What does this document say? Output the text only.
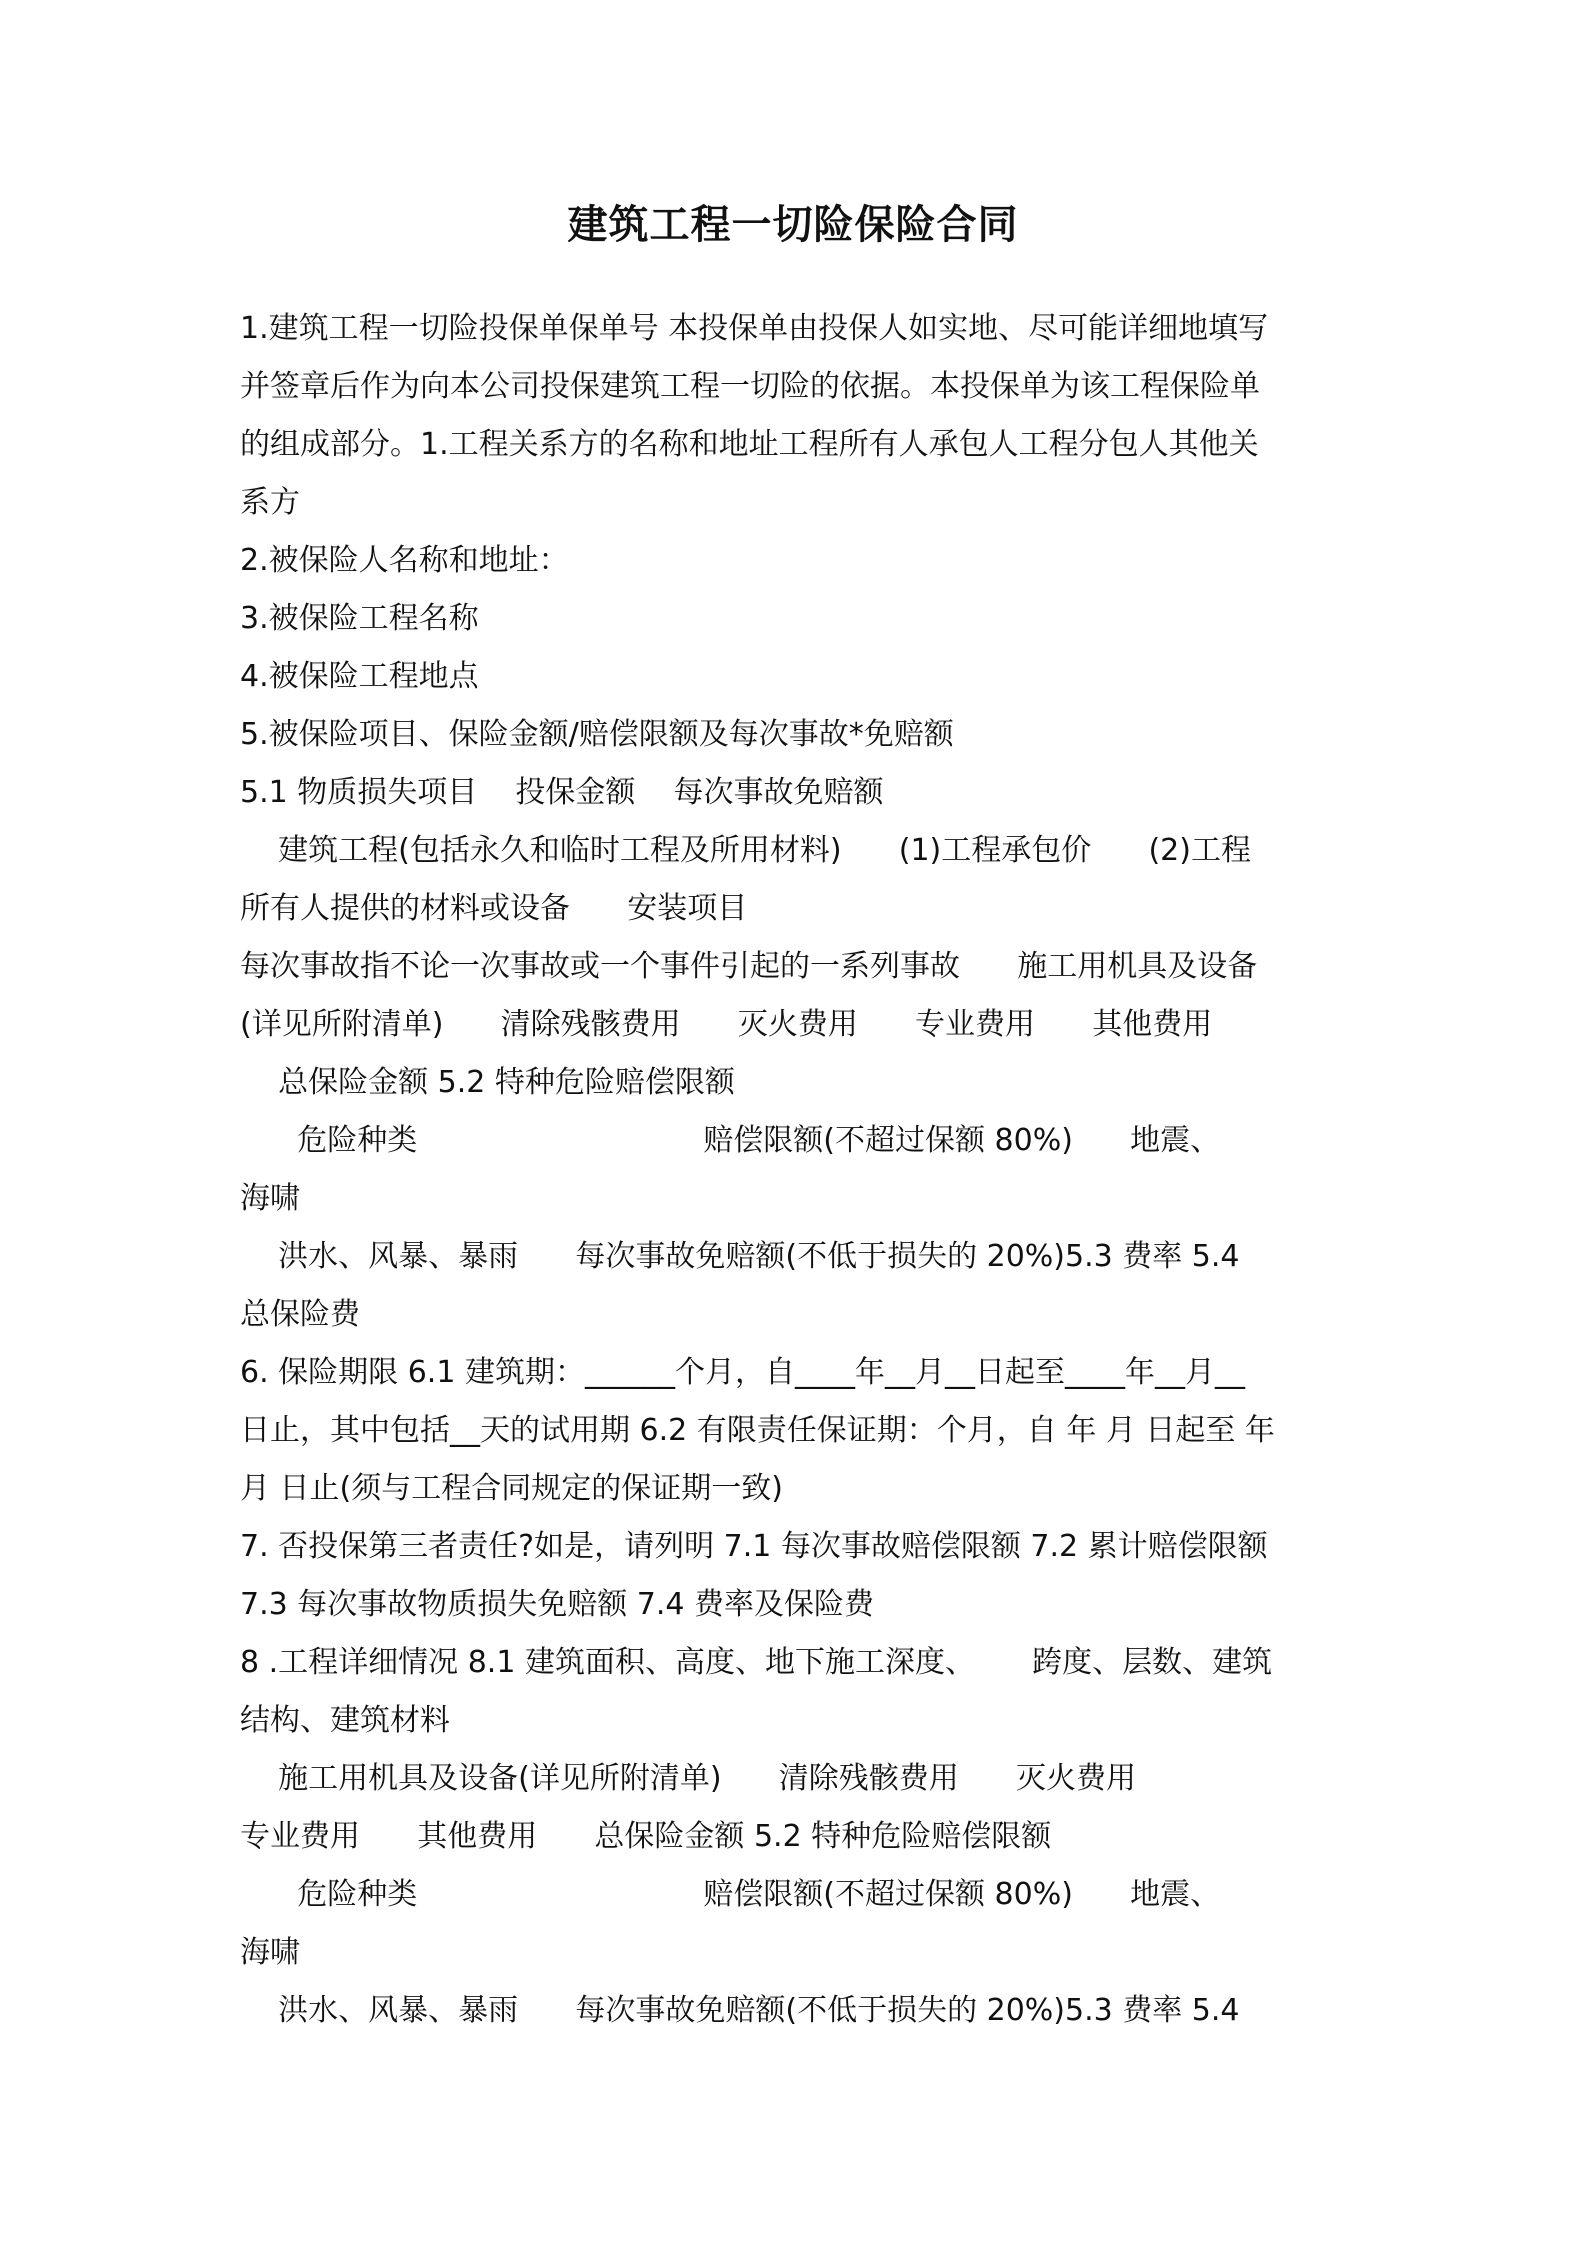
建筑工程一切险保险合同
1.建筑工程一切险投保单保单号 本投保单由投保人如实地、尽可能详细地填写
并签章后作为向本公司投保建筑工程一切险的依据。本投保单为该工程保险单
的组成部分。1.工程关系方的名称和地址工程所有人承包人工程分包人其他关
系方
2.被保险人名称和地址：
3.被保险工程名称
4.被保险工程地点
5.被保险项目、保险金额/赔偿限额及每次事故*免赔额
5.1 物质损失项目    投保金额    每次事故免赔额
建筑工程(包括永久和临时工程及所用材料)      (1)工程承包价      (2)工程
所有人提供的材料或设备      安装项目
每次事故指不论一次事故或一个事件引起的一系列事故      施工用机具及设备
(详见所附清单)      清除残骸费用      灭火费用      专业费用      其他费用
总保险金额 5.2 特种危险赔偿限额
危险种类                              赔偿限额(不超过保额 80%)      地震、
海啸
洪水、风暴、暴雨      每次事故免赔额(不低于损失的 20%)5.3 费率 5.4
总保险费
6. 保险期限 6.1 建筑期：______个月，自____年__月__日起至____年__月__
日止，其中包括__天的试用期 6.2 有限责任保证期：个月，自 年 月 日起至 年
月 日止(须与工程合同规定的保证期一致)
7. 否投保第三者责任?如是，请列明 7.1 每次事故赔偿限额 7.2 累计赔偿限额
7.3 每次事故物质损失免赔额 7.4 费率及保险费
8 .工程详细情况 8.1 建筑面积、高度、地下施工深度、      跨度、层数、建筑
结构、建筑材料
施工用机具及设备(详见所附清单)      清除残骸费用      灭火费用
专业费用      其他费用      总保险金额 5.2 特种危险赔偿限额
危险种类                              赔偿限额(不超过保额 80%)      地震、
海啸
洪水、风暴、暴雨      每次事故免赔额(不低于损失的 20%)5.3 费率 5.4
